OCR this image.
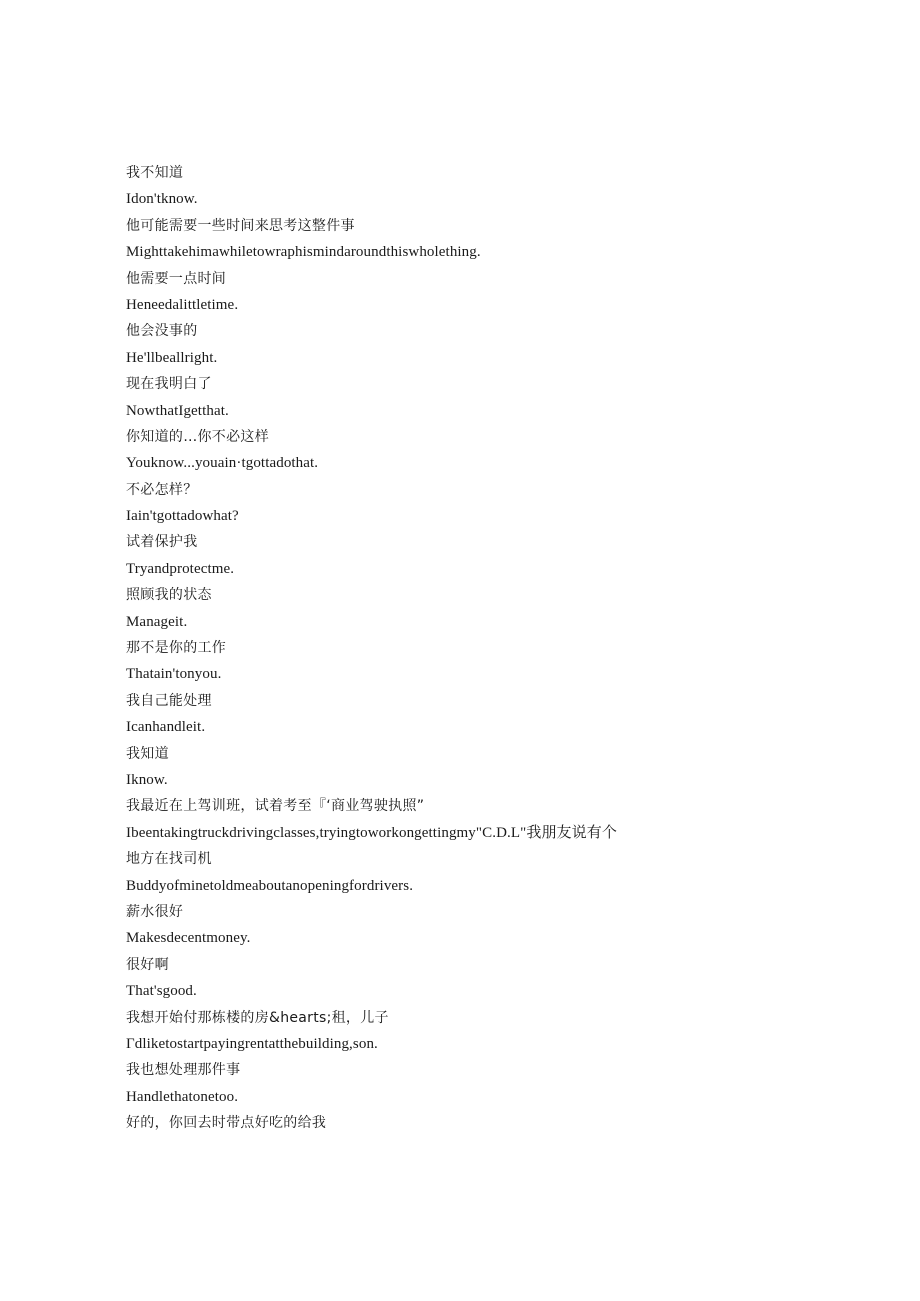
我不知道
Idon'tknow.
他可能需要一些时间来思考这整件事
Mighttakehimawhiletowraphismindaroundthiswholething.
他需要一点时间
Heneedalittletime.
他会没事的
He'llbeallright.
现在我明白了
NowthatIgetthat.
你知道的…你不必这样
Youknow...youain·tgottadothat.
不必怎样？
Iain'tgottadowhat?
试着保护我
Tryandprotectme.
照顾我的状态
Manageit.
那不是你的工作
Thatain'tonyou.
我自己能处理
Icanhandleit.
我知道
Iknow.
我最近在上驾训班，试着考至『‘商业驾驶执照”
Ibeentakingtruckdrivingclasses,tryingtoworkongettingmy"C.D.L"我朋友说有个
地方在找司机
Buddyofminetoldmeaboutanopeningfordrivers.
薪水很好
Makesdecentmoney.
很好啊
That'sgood.
我想开始付那栋楼的房&hearts;租，儿子
Γdliketostartpayingrentatthebuilding,son.
我也想处理那件事
Handlethatonetoo.
好的，你回去时带点好吃的给我
